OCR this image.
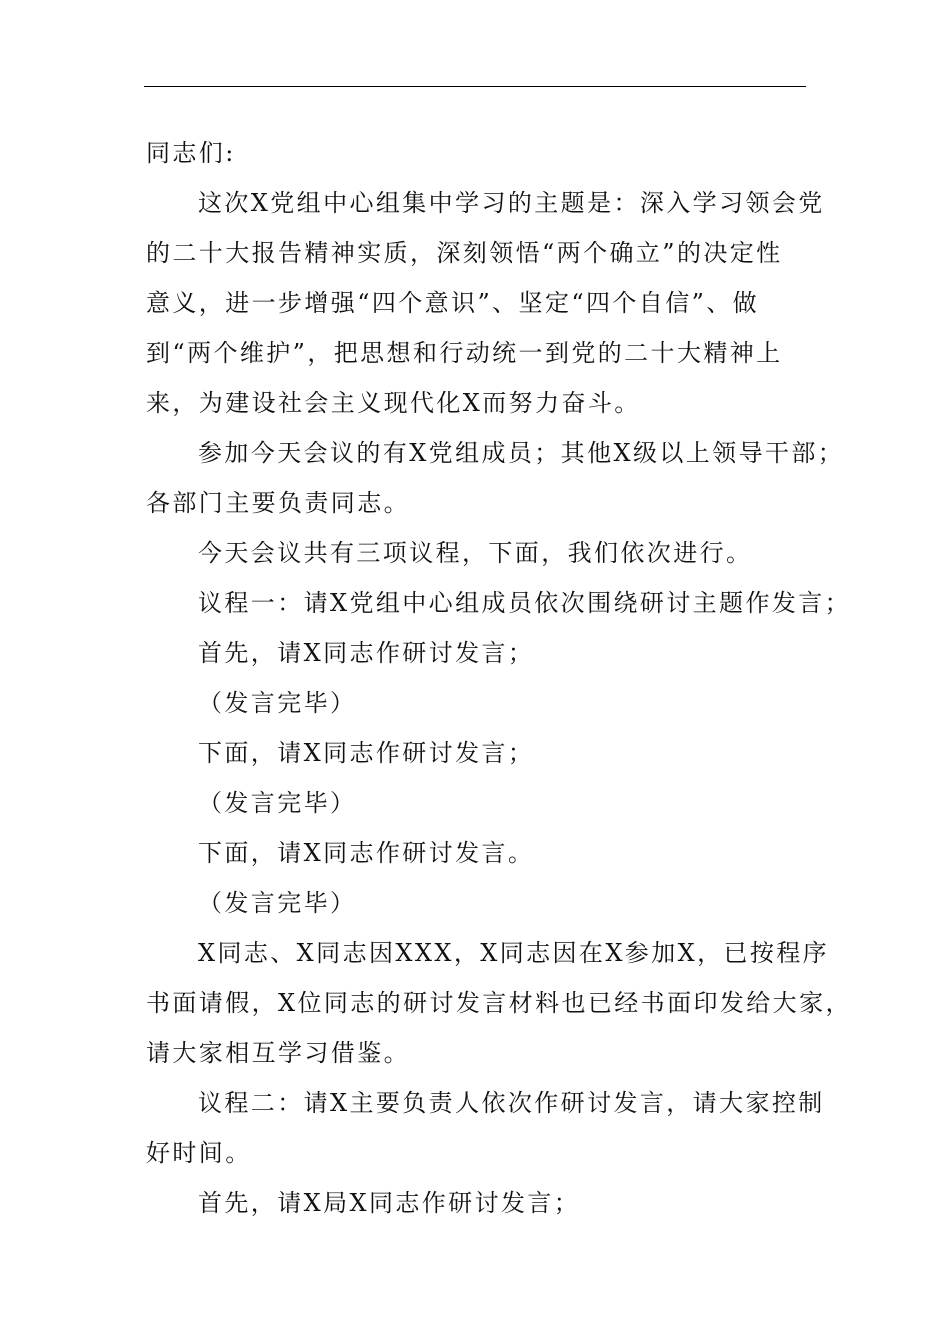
同志们:
这次X党组中心组集中学习的主题是：深入学习领会党
的二十大报告精神实质，深刻领悟“两个确立”的决定性
意义，进一步增强“四个意识”、坚定“四个自信”、做
到“两个维护”，把思想和行动统一到党的二十大精神上
来，为建设社会主义现代化X而努力奋斗。
参加今天会议的有X党组成员；其他X级以上领导干部；
各部门主要负责同志。
今天会议共有三项议程，下面，我们依次进行。
议程一：请X党组中心组成员依次围绕研讨主题作发言；
首先，请X同志作研讨发言；
（发言完毕）
下面，请X同志作研讨发言；
（发言完毕）
下面，请X同志作研讨发言。
（发言完毕）
X同志、X同志因XXX，X同志因在X参加X，已按程序
书面请假，X位同志的研讨发言材料也已经书面印发给大家，
请大家相互学习借鉴。
议程二：请X主要负责人依次作研讨发言，请大家控制
好时间。
首先，请X局X同志作研讨发言；
